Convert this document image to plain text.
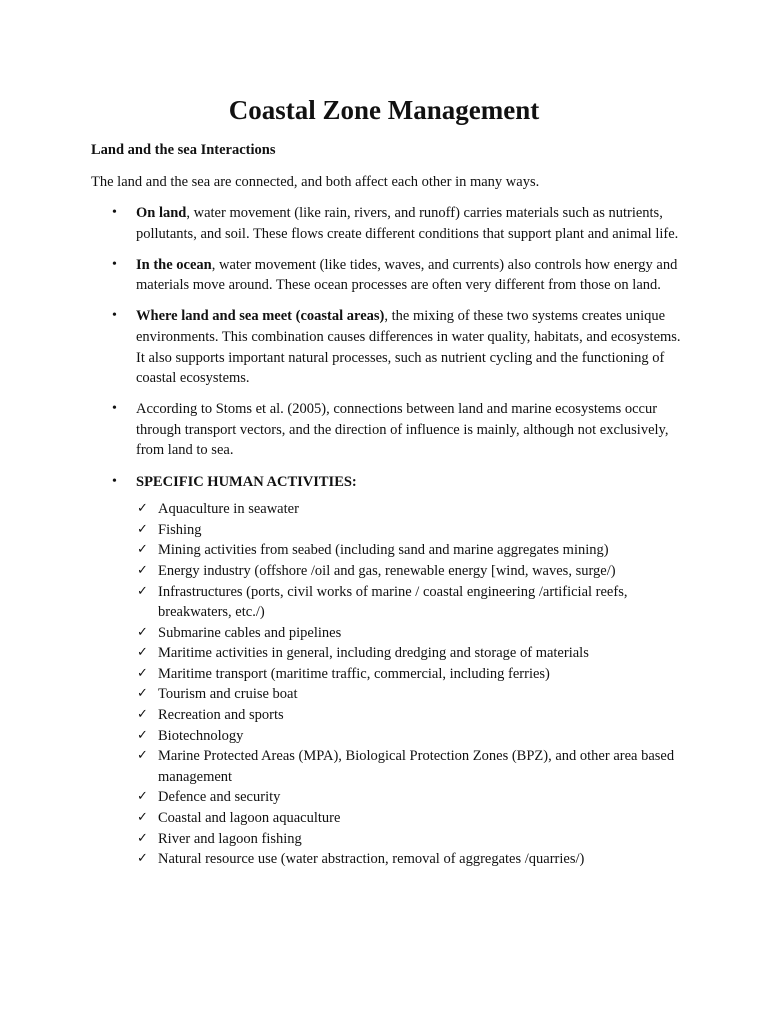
Coastal Zone Management
Land and the sea Interactions
The land and the sea are connected, and both affect each other in many ways.
• On land, water movement (like rain, rivers, and runoff) carries materials such as nutrients, pollutants, and soil. These flows create different conditions that support plant and animal life.
• In the ocean, water movement (like tides, waves, and currents) also controls how energy and materials move around. These ocean processes are often very different from those on land.
• Where land and sea meet (coastal areas), the mixing of these two systems creates unique environments. This combination causes differences in water quality, habitats, and ecosystems. It also supports important natural processes, such as nutrient cycling and the functioning of coastal ecosystems.
• According to Stoms et al. (2005), connections between land and marine ecosystems occur through transport vectors, and the direction of influence is mainly, although not exclusively, from land to sea.
• SPECIFIC HUMAN ACTIVITIES:
✓ Aquaculture in seawater
✓ Fishing
✓ Mining activities from seabed (including sand and marine aggregates mining)
✓ Energy industry (offshore /oil and gas, renewable energy [wind, waves, surge/)
✓ Infrastructures (ports, civil works of marine / coastal engineering /artificial reefs, breakwaters, etc./)
✓ Submarine cables and pipelines
✓ Maritime activities in general, including dredging and storage of materials
✓ Maritime transport (maritime traffic, commercial, including ferries)
✓ Tourism and cruise boat
✓ Recreation and sports
✓ Biotechnology
✓ Marine Protected Areas (MPA), Biological Protection Zones (BPZ), and other area based management
✓ Defence and security
✓ Coastal and lagoon aquaculture
✓ River and lagoon fishing
✓ Natural resource use (water abstraction, removal of aggregates /quarries/)
